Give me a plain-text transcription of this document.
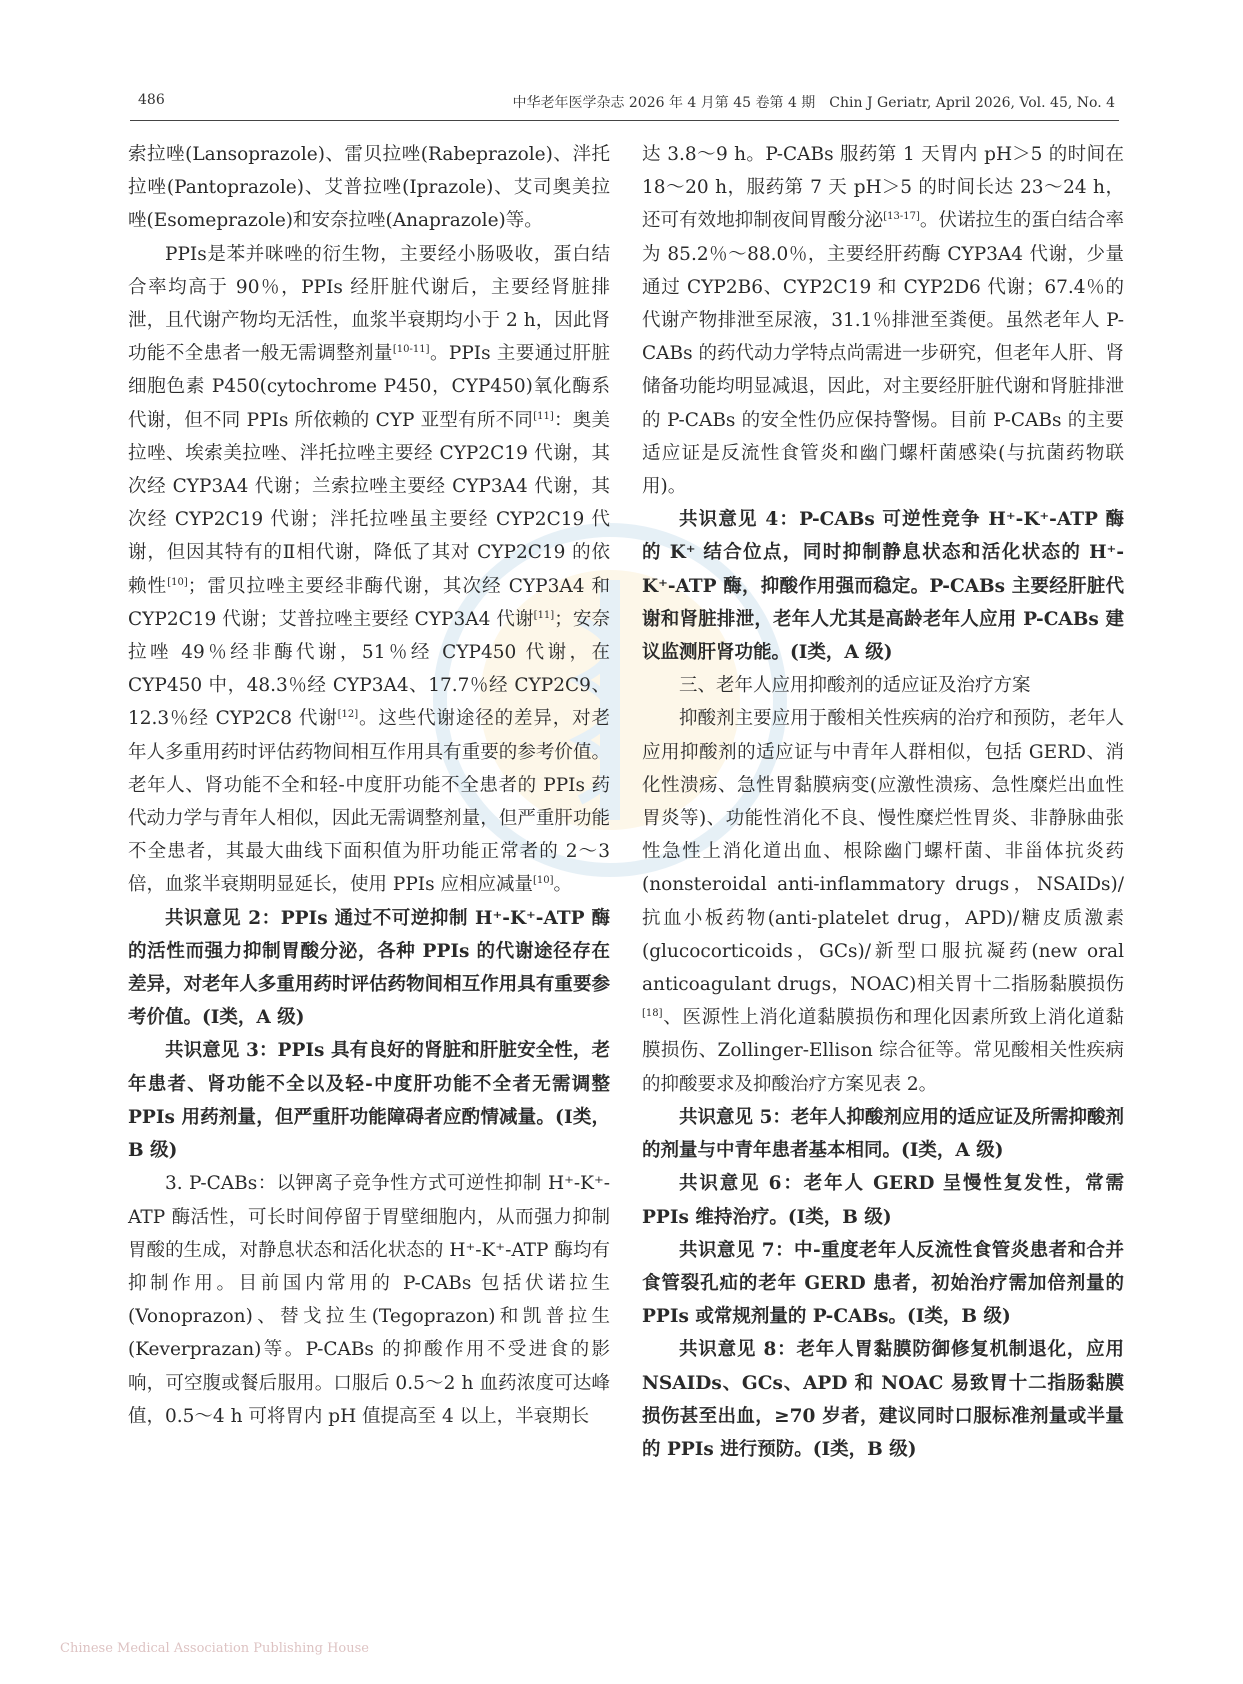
486	中华老年医学杂志 2026 年 4 月第 45 卷第 4 期　Chin J Geriatr, April 2026, Vol. 45, No. 4

索拉唑(Lansoprazole)、雷贝拉唑(Rabeprazole)、泮托拉唑(Pantoprazole)、艾普拉唑(Iprazole)、艾司奥美拉唑(Esomeprazole)和安奈拉唑(Anaprazole)等。

PPIs是苯并咪唑的衍生物，主要经小肠吸收，蛋白结合率均高于 90％，PPIs 经肝脏代谢后，主要经肾脏排泄，且代谢产物均无活性，血浆半衰期均小于 2 h，因此肾功能不全患者一般无需调整剂量[10-11]。PPIs 主要通过肝脏细胞色素 P450(cytochrome P450，CYP450)氧化酶系代谢，但不同 PPIs 所依赖的 CYP 亚型有所不同[11]：奥美拉唑、埃索美拉唑、泮托拉唑主要经 CYP2C19 代谢，其次经 CYP3A4 代谢；兰索拉唑主要经 CYP3A4 代谢，其次经 CYP2C19 代谢；泮托拉唑虽主要经 CYP2C19 代谢，但因其特有的Ⅱ相代谢，降低了其对 CYP2C19 的依赖性[10]；雷贝拉唑主要经非酶代谢，其次经 CYP3A4 和 CYP2C19 代谢；艾普拉唑主要经 CYP3A4 代谢[11]；安奈拉唑 49％经非酶代谢，51％经 CYP450 代谢，在 CYP450 中，48.3％经 CYP3A4、17.7％经 CYP2C9、12.3％经 CYP2C8 代谢[12]。这些代谢途径的差异，对老年人多重用药时评估药物间相互作用具有重要的参考价值。老年人、肾功能不全和轻-中度肝功能不全患者的 PPIs 药代动力学与青年人相似，因此无需调整剂量，但严重肝功能不全患者，其最大曲线下面积值为肝功能正常者的 2～3 倍，血浆半衰期明显延长，使用 PPIs 应相应减量[10]。

共识意见 2：PPIs 通过不可逆抑制 H⁺-K⁺-ATP 酶的活性而强力抑制胃酸分泌，各种 PPIs 的代谢途径存在差异，对老年人多重用药时评估药物间相互作用具有重要参考价值。(Ⅰ类，A 级)

共识意见 3：PPIs 具有良好的肾脏和肝脏安全性，老年患者、肾功能不全以及轻-中度肝功能不全者无需调整 PPIs 用药剂量，但严重肝功能障碍者应酌情减量。(Ⅰ类，B 级)

3. P-CABs：以钾离子竞争性方式可逆性抑制 H⁺-K⁺-ATP 酶活性，可长时间停留于胃壁细胞内，从而强力抑制胃酸的生成，对静息状态和活化状态的 H⁺-K⁺-ATP 酶均有抑制作用。目前国内常用的 P-CABs 包括伏诺拉生(Vonoprazon)、替戈拉生(Tegoprazon)和凯普拉生(Keverprazan)等。P-CABs 的抑酸作用不受进食的影响，可空腹或餐后服用。口服后 0.5～2 h 血药浓度可达峰值，0.5～4 h 可将胃内 pH 值提高至 4 以上，半衰期长

达 3.8～9 h。P-CABs 服药第 1 天胃内 pH＞5 的时间在 18～20 h，服药第 7 天 pH＞5 的时间长达 23～24 h，还可有效地抑制夜间胃酸分泌[13-17]。伏诺拉生的蛋白结合率为 85.2％～88.0％，主要经肝药酶 CYP3A4 代谢，少量通过 CYP2B6、CYP2C19 和 CYP2D6 代谢；67.4％的代谢产物排泄至尿液，31.1％排泄至粪便。虽然老年人 P-CABs 的药代动力学特点尚需进一步研究，但老年人肝、肾储备功能均明显减退，因此，对主要经肝脏代谢和肾脏排泄的 P-CABs 的安全性仍应保持警惕。目前 P-CABs 的主要适应证是反流性食管炎和幽门螺杆菌感染(与抗菌药物联用)。

共识意见 4：P-CABs 可逆性竞争 H⁺-K⁺-ATP 酶的 K⁺ 结合位点，同时抑制静息状态和活化状态的 H⁺-K⁺-ATP 酶，抑酸作用强而稳定。P-CABs 主要经肝脏代谢和肾脏排泄，老年人尤其是高龄老年人应用 P-CABs 建议监测肝肾功能。(Ⅰ类，A 级)

三、老年人应用抑酸剂的适应证及治疗方案

抑酸剂主要应用于酸相关性疾病的治疗和预防，老年人应用抑酸剂的适应证与中青年人群相似，包括 GERD、消化性溃疡、急性胃黏膜病变(应激性溃疡、急性糜烂出血性胃炎等)、功能性消化不良、慢性糜烂性胃炎、非静脉曲张性急性上消化道出血、根除幽门螺杆菌、非甾体抗炎药(nonsteroidal anti-inflammatory drugs，NSAIDs)/抗血小板药物(anti-platelet drug，APD)/糖皮质激素(glucocorticoids，GCs)/新型口服抗凝药(new oral anticoagulant drugs，NOAC)相关胃十二指肠黏膜损伤[18]、医源性上消化道黏膜损伤和理化因素所致上消化道黏膜损伤、Zollinger-Ellison 综合征等。常见酸相关性疾病的抑酸要求及抑酸治疗方案见表 2。

共识意见 5：老年人抑酸剂应用的适应证及所需抑酸剂的剂量与中青年患者基本相同。(Ⅰ类，A 级)

共识意见 6：老年人 GERD 呈慢性复发性，常需 PPIs 维持治疗。(Ⅰ类，B 级)

共识意见 7：中-重度老年人反流性食管炎患者和合并食管裂孔疝的老年 GERD 患者，初始治疗需加倍剂量的 PPIs 或常规剂量的 P-CABs。(Ⅰ类，B 级)

共识意见 8：老年人胃黏膜防御修复机制退化，应用 NSAIDs、GCs、APD 和 NOAC 易致胃十二指肠黏膜损伤甚至出血，≥70 岁者，建议同时口服标准剂量或半量的 PPIs 进行预防。(Ⅰ类，B 级)

Chinese Medical Association Publishing House
